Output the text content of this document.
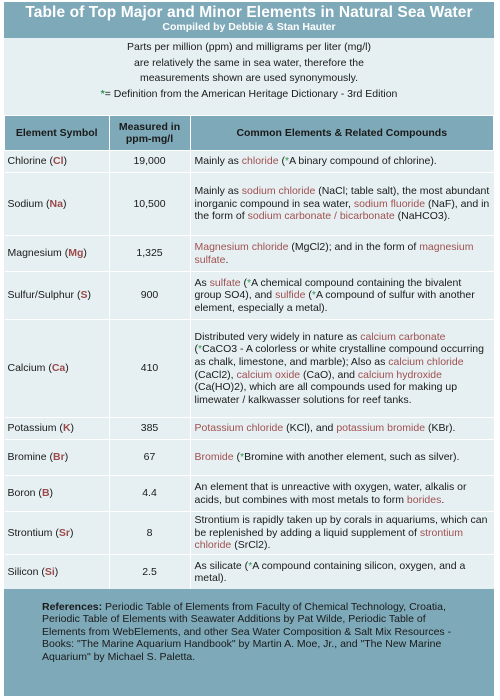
Table of Top Major and Minor Elements in Natural Sea Water
Compiled by Debbie & Stan Hauter
Parts per million (ppm) and milligrams per liter (mg/l)
are relatively the same in sea water, therefore the
measurements shown are used synonymously.
*= Definition from the American Heritage Dictionary - 3rd Edition
Element Symbol	Measured in ppm-mg/l	Common Elements & Related Compounds
Chlorine (Cl)	19,000	Mainly as chloride (*A binary compound of chlorine).
Sodium (Na)	10,500	Mainly as sodium chloride (NaCl; table salt), the most abundant inorganic compound in sea water, sodium fluoride (NaF), and in the form of sodium carbonate / bicarbonate (NaHCO3).
Magnesium (Mg)	1,325	Magnesium chloride (MgCl2); and in the form of magnesium sulfate.
Sulfur/Sulphur (S)	900	As sulfate (*A chemical compound containing the bivalent group SO4), and sulfide (*A compound of sulfur with another element, especially a metal).
Calcium (Ca)	410	Distributed very widely in nature as calcium carbonate (*CaCO3 - A colorless or white crystalline compound occurring as chalk, limestone, and marble); Also as calcium chloride (CaCl2), calcium oxide (CaO), and calcium hydroxide (Ca(HO)2), which are all compounds used for making up limewater / kalkwasser solutions for reef tanks.
Potassium (K)	385	Potassium chloride (KCl), and potassium bromide (KBr).
Bromine (Br)	67	Bromide (*Bromine with another element, such as silver).
Boron (B)	4.4	An element that is unreactive with oxygen, water, alkalis or acids, but combines with most metals to form borides.
Strontium (Sr)	8	Strontium is rapidly taken up by corals in aquariums, which can be replenished by adding a liquid supplement of strontium chloride (SrCl2).
Silicon (Si)	2.5	As silicate (*A compound containing silicon, oxygen, and a metal).
References: Periodic Table of Elements from Faculty of Chemical Technology, Croatia, Periodic Table of Elements with Seawater Additions by Pat Wilde, Periodic Table of Elements from WebElements, and other Sea Water Composition & Salt Mix Resources - Books: "The Marine Aquarium Handbook" by Martin A. Moe, Jr., and "The New Marine Aquarium" by Michael S. Paletta.
